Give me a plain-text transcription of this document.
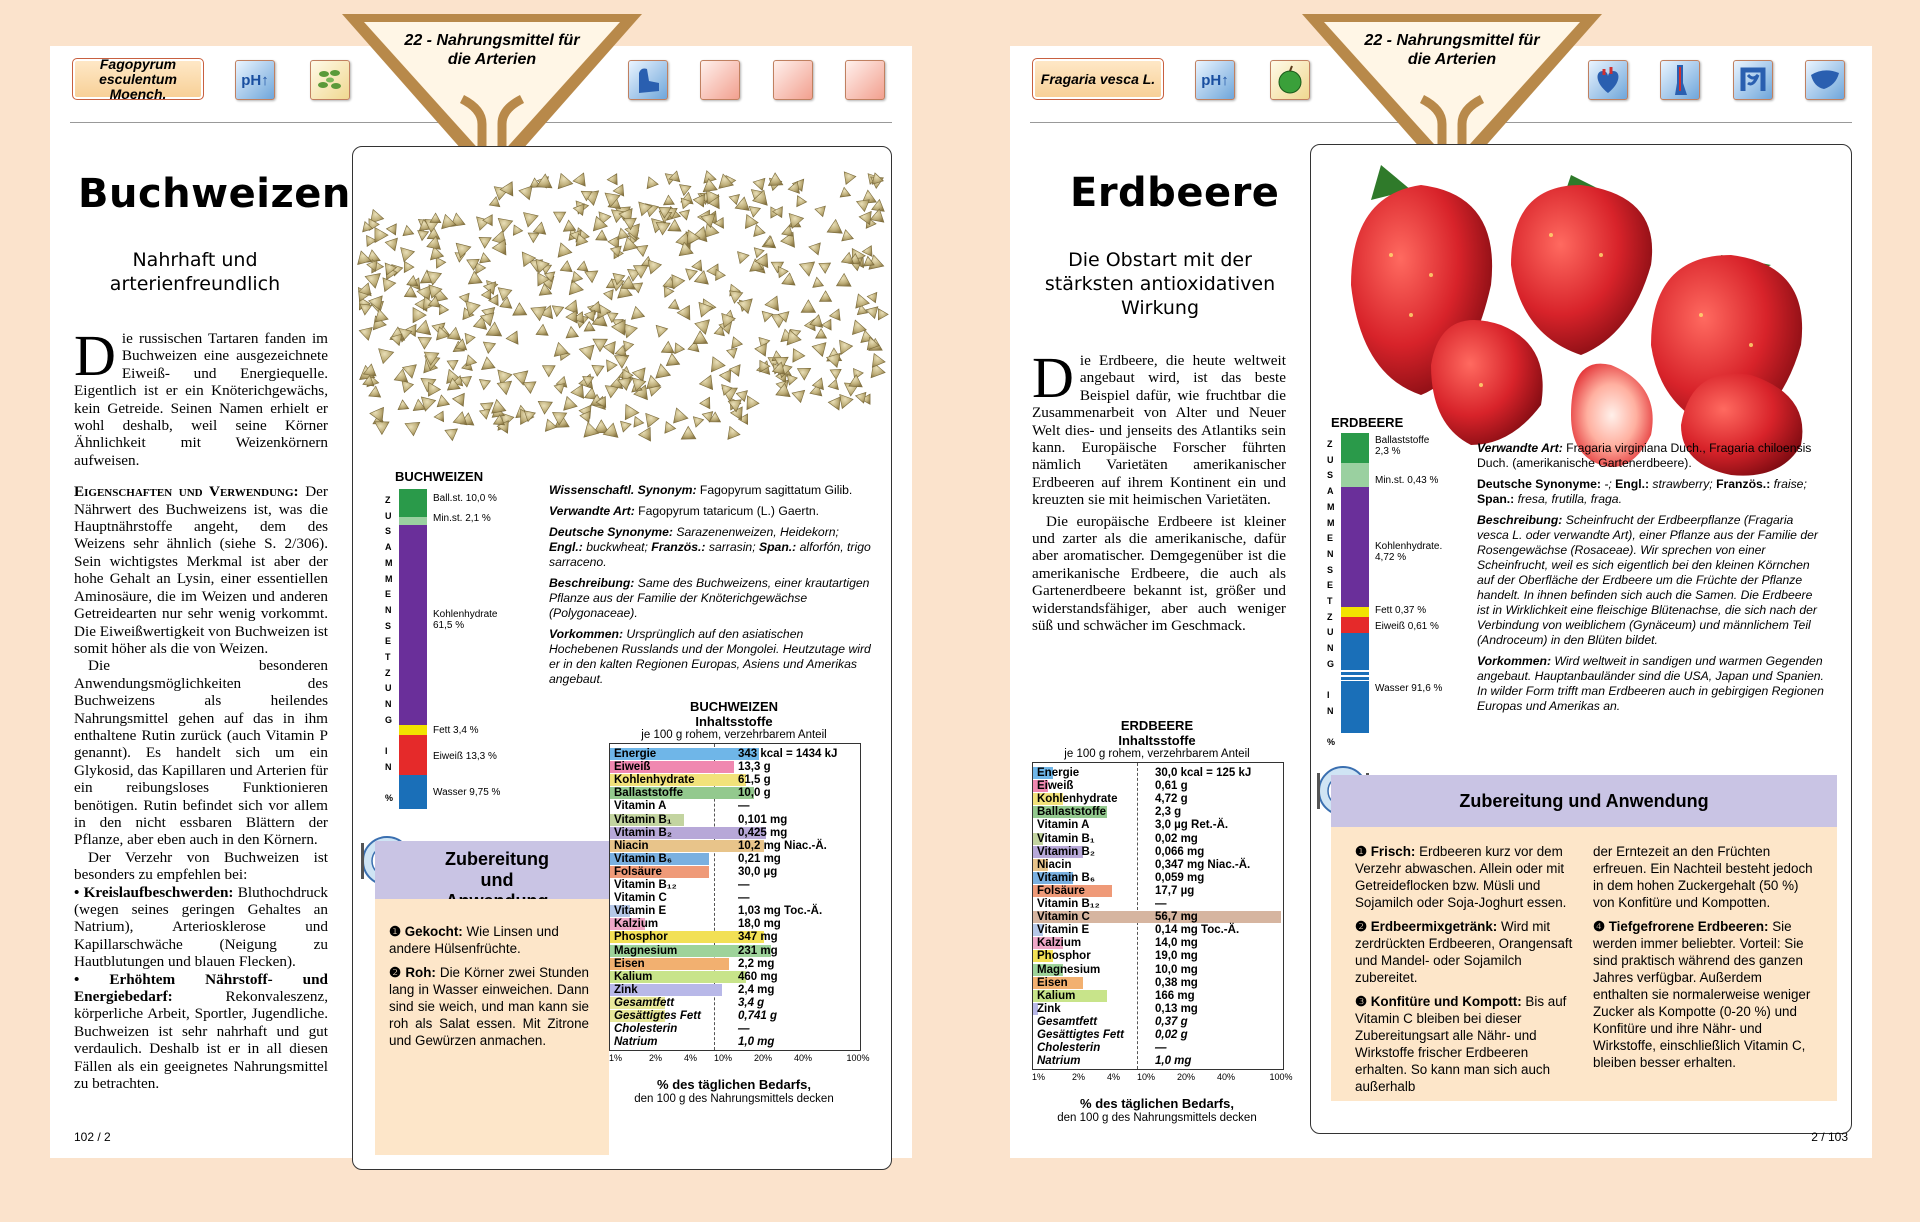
Fagopyrum esculentum Moench.
pH↑
22 - Nahrungsmittel für die Arterien
Buchweizen
Nahrhaft und arterienfreundlich

Die russischen Tartaren fanden im Buchweizen eine ausgezeichnete Eiweiß- und Energiequelle. Eigentlich ist er ein Knöterichgewächs, kein Getreide. Seinen Namen erhielt er wohl deshalb, weil seine Körner Ähnlichkeit mit Weizenkörnern aufweisen.

Eigenschaften und Verwendung: Der Nährwert des Buchweizens ist, was die Hauptnährstoffe angeht, dem des Weizens sehr ähnlich (siehe S. 2/306). Sein wichtigstes Merkmal ist aber der hohe Gehalt an Lysin, einer essentiellen Aminosäure, die im Weizen und anderen Getreidearten nur sehr wenig vorkommt. Die Eiweißwertigkeit von Buchweizen ist somit höher als die von Weizen.

Die besonderen Anwendungsmöglichkeiten des Buchweizens als heilendes Nahrungsmittel gehen auf das in ihm enthaltene Rutin zurück (auch Vitamin P genannt). Es handelt sich um ein Glykosid, das Kapillaren und Arterien für ein reibungsloses Funktionieren benötigen. Rutin befindet sich vor allem in den nicht essbaren Blättern der Pflanze, aber eben auch in den Körnern.

Der Verzehr von Buchweizen ist besonders zu empfehlen bei:

• Kreislaufbeschwerden: Bluthochdruck (wegen seines geringen Gehaltes an Natrium), Arteriosklerose und Kapillarschwäche (Neigung zu Hautblutungen und blauen Flecken).

• Erhöhtem Nährstoff- und Energiebedarf: Rekonvaleszenz, körperliche Arbeit, Sportler, Jugendliche. Buchweizen ist sehr nahrhaft und gut verdaulich. Deshalb ist er in all diesen Fällen als ein geeignetes Nahrungsmittel zu betrachten.

BUCHWEIZEN
Z
U
S
A
M
M
E
N
S
E
T
Z
U
N
G
I
N
%
Ball.st. 10,0 %
Min.st. 2,1 %
Kohlenhydrate 61,5 %
Fett 3,4 %
Eiweiß 13,3 %
Wasser 9,75 %

Wissenschaftl. Synonym: Fagopyrum sagittatum Gilib.

Verwandte Art: Fagopyrum tataricum (L.) Gaertn.

Deutsche Synonyme: Sarazenenweizen, Heidekorn; Engl.: buckwheat; Französ.: sarrasin; Span.: alforfón, trigo sarraceno.

Beschreibung: Same des Buchweizens, einer krautartigen Pflanze aus der Familie der Knöterichgewächse (Polygonaceae).

Vorkommen: Ursprünglich auf den asiatischen Hochebenen Russlands und der Mongolei. Heutzutage wird er in den kalten Regionen Europas, Asiens und Amerikas angebaut.

Zubereitung und

❶ Gekocht: Wie Linsen und andere Hülsenfrüchte.

❷ Roh: Die Körner zwei Stunden lang in Wasser einweichen. Dann sind sie weich, und man kann sie roh als Salat essen. Mit Zitrone und Gewürzen anmachen.

BUCHWEIZEN
Inhaltsstoffe
je 100 g rohem, verzehrbarem Anteil
Energie	343 kcal = 1434 kJ
Eiweiß	13,3 g
Kohlenhydrate	61,5 g
Ballaststoffe	10,0 g
Vitamin A	—
Vitamin B₁	0,101 mg
Vitamin B₂	0,425 mg
Niacin	10,2 mg Niac.-Ä.
Vitamin B₆	0,21 mg
Folsäure	30,0 µg
Vitamin B₁₂	—
Vitamin C	—
Vitamin E	1,03 mg Toc.-Ä.
Kalzium	18,0 mg
Phosphor	347 mg
Magnesium	231 mg
Eisen	2,2 mg
Kalium	460 mg
Zink	2,4 mg
Gesamtfett	3,4 g
Gesättigtes Fett	0,741 g
Cholesterin	—
Natrium	1,0 mg
1%	2% 4% 10% 20% 40%	100%
% des täglichen Bedarfs,
den 100 g des Nahrungsmittels decken
102 / 2
Fragaria vesca L.	pH↑
22 - Nahrungsmittel für die Arterien
Erdbeere
Die Obstart mit der stärksten antioxidativen Wirkung

Die Erdbeere, die heute weltweit angebaut wird, ist das beste Beispiel dafür, wie fruchtbar die Zusammenarbeit von Alter und Neuer Welt dies- und jenseits des Atlantiks sein kann. Europäische Forscher führten nämlich Varietäten amerikanischer Erdbeeren auf ihrem Kontinent ein und kreuzten sie mit heimischen Varietäten.

Die europäische Erdbeere ist kleiner und zarter als die amerikanische, dafür aber aromatischer. Demgegenüber ist die amerikanische Erdbeere, die auch als Gartenerdbeere bekannt ist, größer und widerstandsfähiger, aber auch weniger süß und schwächer im Geschmack.

ERDBEERE
Z
U
S
A
M
M
E
N
S
E
T
Z
U
N
G
I
N
%
Ballaststoffe 2,3 %
Min.st. 0,43 %
Kohlenhydrate. 4,72 %
Fett 0,37 %
Eiweiß 0,61 %
Wasser 91,6 %

Verwandte Art: Fragaria virginiana Duch., Fragaria chiloensis Duch. (amerikanische Gartenerdbeere).

Deutsche Synonyme: -; Engl.: strawberry; Französ.: fraise; Span.: fresa, frutilla, fraga.

Beschreibung: Scheinfrucht der Erdbeerpflanze (Fragaria vesca L. oder verwandte Art), einer Pflanze aus der Familie der Rosengewächse (Rosaceae). Wir sprechen von einer Scheinfrucht, weil es sich eigentlich bei den kleinen Körnchen auf der Oberfläche der Erdbeere um die Früchte der Pflanze handelt. In ihnen befinden sich auch die Samen. Die Erdbeere ist in Wirklichkeit eine fleischige Blütenachse, die sich nach der Verbindung von weiblichem (Gynäceum) und männlichem Teil (Androceum) in den Blüten bildet.

Vorkommen: Wird weltweit in sandigen und warmen Gegenden angebaut. Hauptanbauländer sind die USA, Japan und Spanien. In wilder Form trifft man Erdbeeren auch in gebirgigen Regionen Europas und Amerikas an.

Zubereitung und Anwendung

❶ Frisch: Erdbeeren kurz vor dem Verzehr abwaschen. Allein oder mit Getreideflocken bzw. Müsli und Sojamilch oder Soja-Joghurt essen.

❷ Erdbeermixgetränk: Wird mit zerdrückten Erdbeeren, Orangensaft und Mandel- oder Sojamilch zubereitet.

❸ Konfitüre und Kompott: Bis auf Vitamin C bleiben bei dieser Zubereitungsart alle Nähr- und Wirkstoffe frischer Erdbeeren erhalten. So kann man sich auch außerhalb

der Erntezeit an den Früchten erfreuen. Ein Nachteil besteht jedoch in dem hohen Zuckergehalt (50 %) von Konfitüre und Kompotten.

❹ Tiefgefrorene Erdbeeren: Sie werden immer beliebter. Vorteil: Sie sind praktisch während des ganzen Jahres verfügbar. Außerdem enthalten sie normalerweise weniger Zucker als Kompotte (0-20 %) und Konfitüre und ihre Nähr- und Wirkstoffe, einschließlich Vitamin C, bleiben besser erhalten.

ERDBEERE
Inhaltsstoffe
je 100 g rohem, verzehrbarem Anteil
Energie	30,0 kcal = 125 kJ
Eiweiß	0,61 g
Kohlenhydrate	4,72 g
Ballaststoffe	2,3 g
Vitamin A	3,0 µg Ret.-Ä.
Vitamin B₁	0,02 mg
Vitamin B₂	0,066 mg
Niacin	0,347 mg Niac.-Ä.
Vitamin B₆	0,059 mg
Folsäure	17,7 µg
Vitamin B₁₂	—
Vitamin C	56,7 mg
Vitamin E	0,14 mg Toc.-Ä.
Kalzium	14,0 mg
Phosphor	19,0 mg
Magnesium	10,0 mg
Eisen	0,38 mg
Kalium	166 mg
Zink	0,13 mg
Gesamtfett	0,37 g
Gesättigtes Fett	0,02 g
Cholesterin	—
Natrium	1,0 mg
1%	2% 4% 10% 20% 40%	100%
% des täglichen Bedarfs,
den 100 g des Nahrungsmittels decken
2 / 103
